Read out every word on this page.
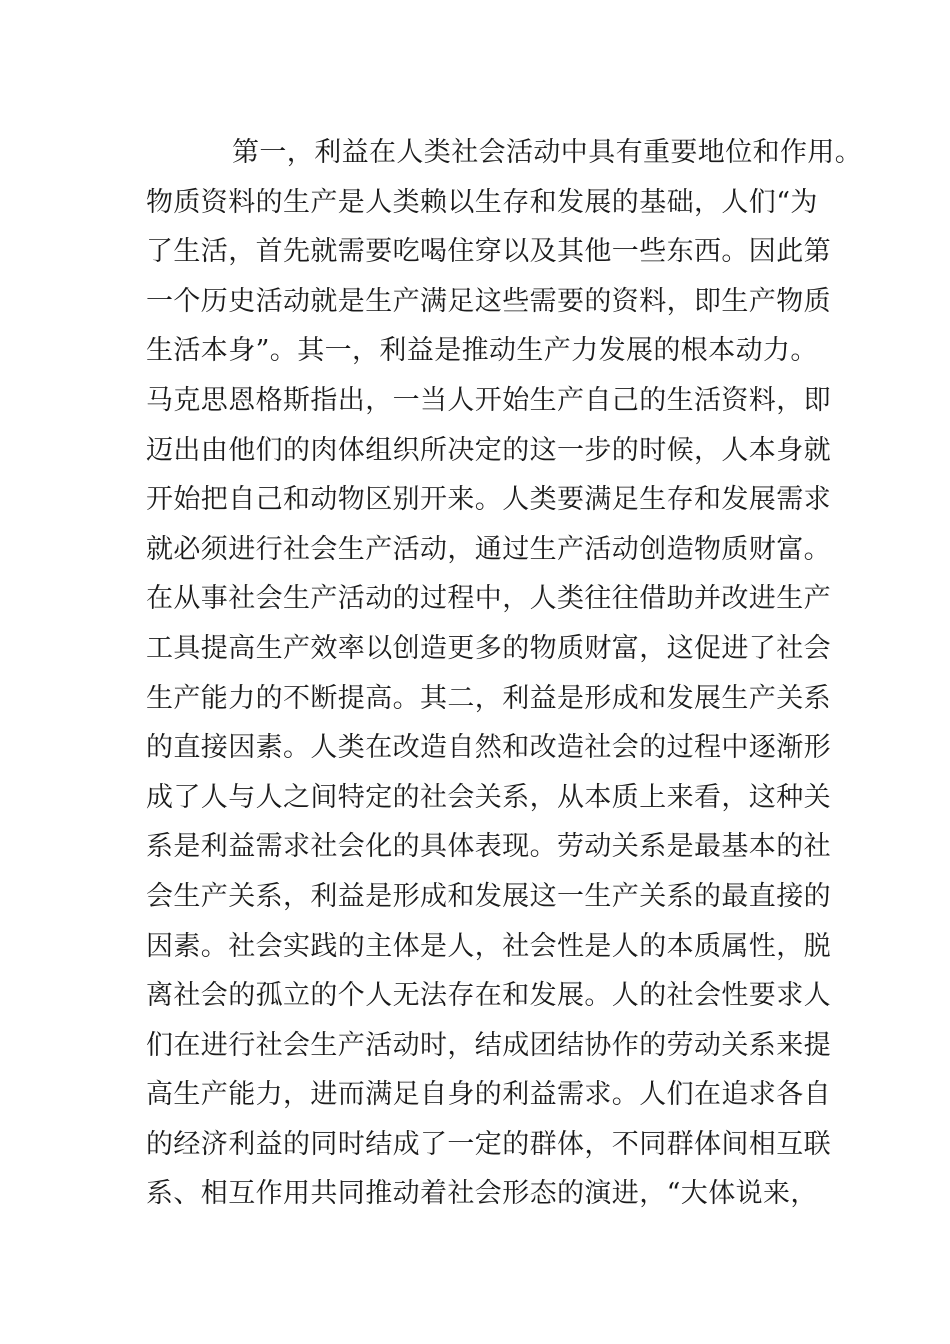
第一，利益在人类社会活动中具有重要地位和作用。
物质资料的生产是人类赖以生存和发展的基础，人们“为
了生活，首先就需要吃喝住穿以及其他一些东西。因此第
一个历史活动就是生产满足这些需要的资料，即生产物质
生活本身”。其一，利益是推动生产力发展的根本动力。
马克思恩格斯指出，一当人开始生产自己的生活资料，即
迈出由他们的肉体组织所决定的这一步的时候，人本身就
开始把自己和动物区别开来。人类要满足生存和发展需求
就必须进行社会生产活动，通过生产活动创造物质财富。
在从事社会生产活动的过程中，人类往往借助并改进生产
工具提高生产效率以创造更多的物质财富，这促进了社会
生产能力的不断提高。其二，利益是形成和发展生产关系
的直接因素。人类在改造自然和改造社会的过程中逐渐形
成了人与人之间特定的社会关系，从本质上来看，这种关
系是利益需求社会化的具体表现。劳动关系是最基本的社
会生产关系，利益是形成和发展这一生产关系的最直接的
因素。社会实践的主体是人，社会性是人的本质属性，脱
离社会的孤立的个人无法存在和发展。人的社会性要求人
们在进行社会生产活动时，结成团结协作的劳动关系来提
高生产能力，进而满足自身的利益需求。人们在追求各自
的经济利益的同时结成了一定的群体，不同群体间相互联
系、相互作用共同推动着社会形态的演进，“大体说来，
